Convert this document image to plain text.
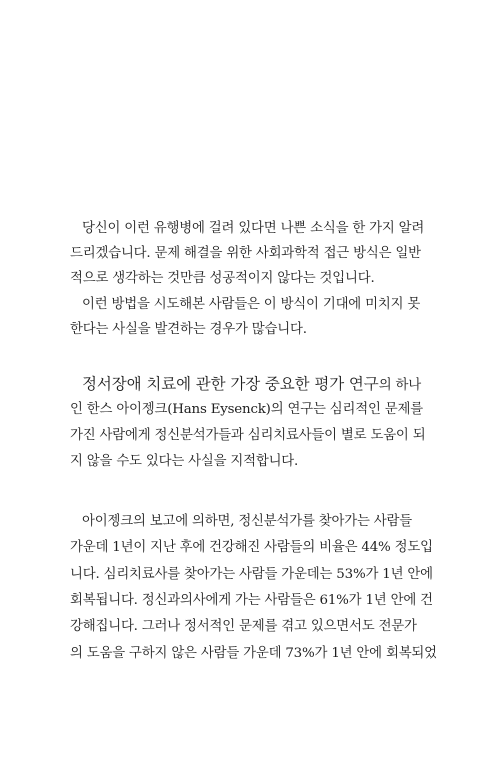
당신이 이런 유행병에 걸려 있다면 나쁜 소식을 한 가지 알려
드리겠습니다. 문제 해결을 위한 사회과학적 접근 방식은 일반
적으로 생각하는 것만큼 성공적이지 않다는 것입니다.
이런 방법을 시도해본 사람들은 이 방식이 기대에 미치지 못
한다는 사실을 발견하는 경우가 많습니다.
정서장애 치료에 관한 가장 중요한 평가 연구의 하나
인 한스 아이젱크(Hans Eysenck)의 연구는 심리적인 문제를
가진 사람에게 정신분석가들과 심리치료사들이 별로 도움이 되
지 않을 수도 있다는 사실을 지적합니다.
아이젱크의 보고에 의하면, 정신분석가를 찾아가는 사람들
가운데 1년이 지난 후에 건강해진 사람들의 비율은 44% 정도입
니다. 심리치료사를 찾아가는 사람들 가운데는 53%가 1년 안에
회복됩니다. 정신과의사에게 가는 사람들은 61%가 1년 안에 건
강해집니다. 그러나 정서적인 문제를 겪고 있으면서도 전문가
의 도움을 구하지 않은 사람들 가운데 73%가 1년 안에 회복되었
